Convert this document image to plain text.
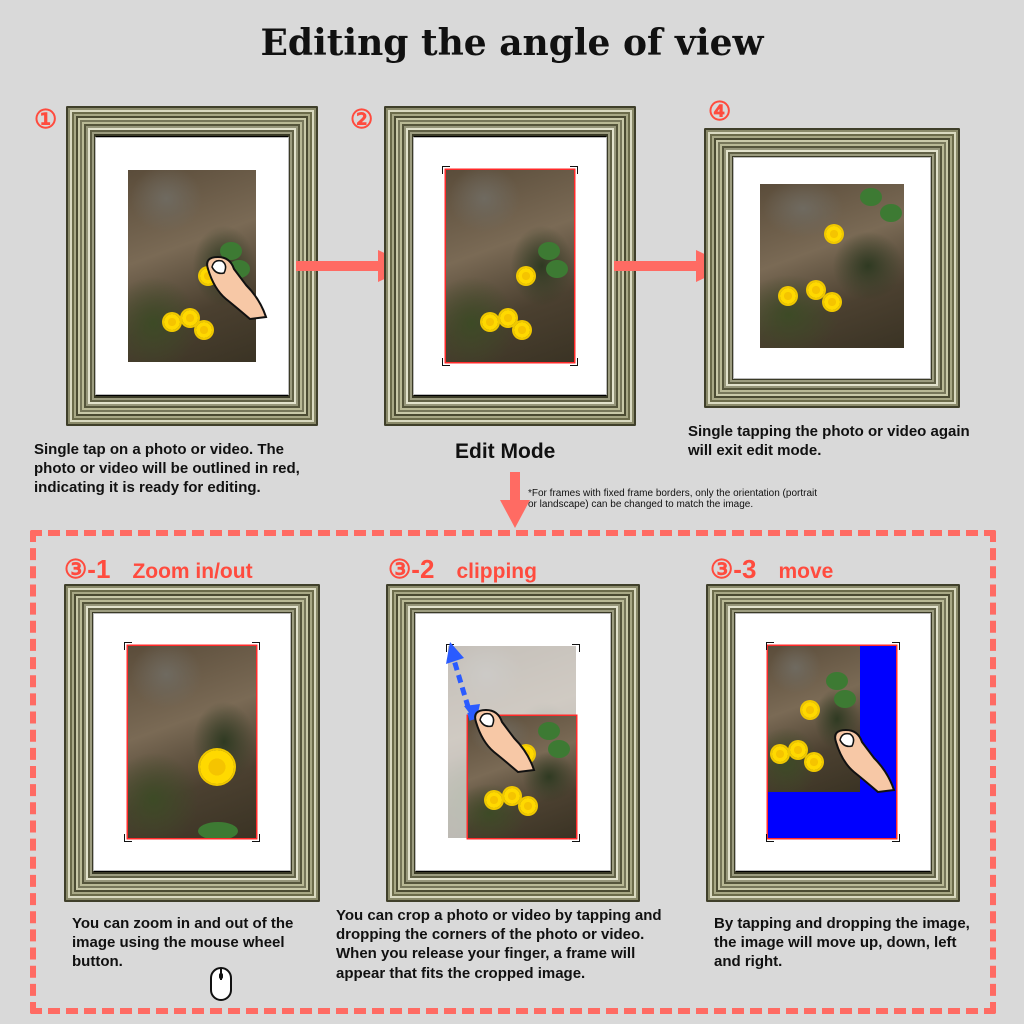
Editing the angle of view
①	②	④
Single tap on a photo or video. The photo or video will be outlined in red, indicating it is ready for editing.
Edit Mode
Single tapping the photo or video again will exit edit mode.
*For frames with fixed frame borders, only the orientation (portrait or landscape) can be changed to match the image.
③-1 Zoom in/out
You can zoom in and out of the image using the mouse wheel button.
③-2 clipping
You can crop a photo or video by tapping and dropping the corners of the photo or video. When you release your finger, a frame will appear that fits the cropped image.
③-3 move
By tapping and dropping the image, the image will move up, down, left and right.
